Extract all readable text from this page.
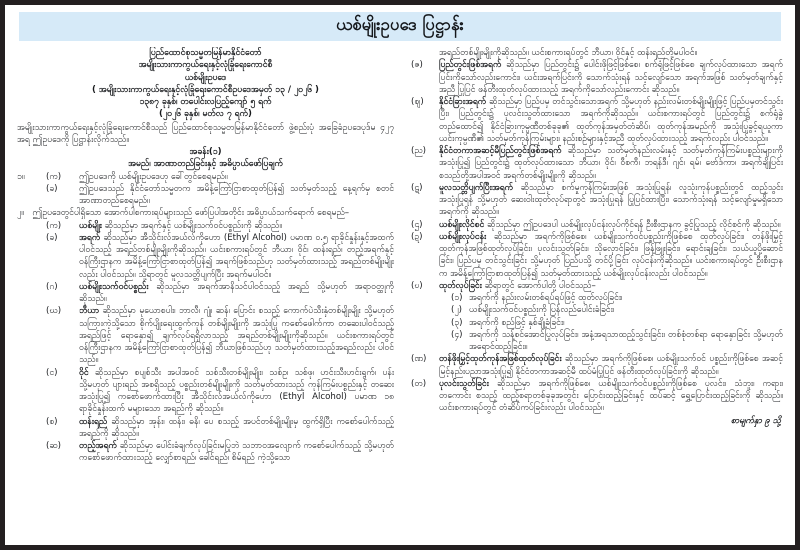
ယစ်မျိုးဥပဒေ ပြဋ္ဌာန်း
ပြည်ထောင်စုသမ္မတမြန်မာနိုင်ငံတော်
အမျိုးသားကာကွယ်ရေးနှင့်လုံခြုံရေးကောင်စီ
ယစ်မျိုးဥပဒေ
( အမျိုးသားကာကွယ်ရေးနှင့်လုံခြုံရေးကောင်စီဥပဒေအမှတ် ၁၃ / ၂၀၂၆ )
၁၃၈၇ ခုနှစ်၊ တပေါင်းလပြည့်ကျော် ၅ ရက်
(၂၀၂၆ ခုနှစ်၊ မတ်လ ၇ ရက်)

အမျိုးသားကာကွယ်ရေးနှင့်လုံခြုံရေးကောင်စီသည် ပြည်ထောင်စုသမ္မတမြန်မာနိုင်ငံတော် ဖွဲ့စည်းပုံ အခြေခံဥပဒေပုဒ်မ ၄၂၇ အရ ဤဥပဒေကို ပြဋ္ဌာန်းလိုက်သည်။

အခန်း(၁)
အမည်၊ အာဏာတည်ခြင်းနှင့် အဓိပ္ပာယ်ဖော်ပြချက်
၁။	(က)	ဤဥပဒေကို ယစ်မျိုးဥပဒေဟု ခေါ်တွင်စေရမည်။
(ခ)	ဤဥပဒေသည် နိုင်ငံတော်သမ္မတက အမိန့်ကြော်ငြာစာထုတ်ပြန်၍ သတ်မှတ်သည့် နေ့ရက်မှ စတင်အာဏာတည်စေရမည်။

၂။  ဤဥပဒေတွင်ပါရှိသော အောက်ပါစကားရပ်များသည် ဖော်ပြပါအတိုင်း အဓိပ္ပာယ်သက်ရောက် စေရမည်–

(က)	ယစ်မျိုး ဆိုသည်မှာ အရက်နှင့် ယစ်မျိုးသက်ဝင်ပစ္စည်းကို ဆိုသည်။
(ခ)	အရက် ဆိုသည်မှာ အီသိုင်းလ်အယ်လ်ကိုဟော (Ethyl Alcohol) ပမာဏ ၀.၅ ရာခိုင်နှုန်းနှင့်အထက် ပါဝင်သည့် အရည်တစ်မျိုးမျိုးကိုဆိုသည်။ ယင်းစကားရပ်တွင် ဘီယာ၊ ဝိုင်၊ ထန်းရည်၊ တည့်အရက်နှင့် ဝန်ကြီးဌာနက အမိန့်ကြော်ငြာစာထုတ်ပြန်၍ အရက်ဖြစ်သည်ဟု သတ်မှတ်ထားသည့် အရည်တစ်မျိုးမျိုးလည်း ပါဝင်သည်။ သို့ရာတွင် မူလသတ္တိပျက်ပြီး အရက်မပါဝင်။
(ဂ)	ယစ်မျိုးသက်ဝင်ပစ္စည်း ဆိုသည်မှာ အရက်အာနိသင်ပါဝင်သည့် အရည် သို့မဟုတ် အရာဝတ္ထုကို ဆိုသည်။
(ဃ)	ဘီယာ ဆိုသည်မှာ မုယောစပါး၊ ဘာလီ၊ ဂျုံ၊ ဆန်၊ ပြောင်း စသည့် ကောက်ပဲသီးနှံတစ်မျိုးမျိုး သို့မဟုတ် သကြားကဲ့သို့သော စိုက်ပျိုးရေးထွက်ကုန် တစ်မျိုးမျိုးကို အသုံးပြု ကစော်ဖေါက်ကာ တဆေးပါဝင်သည့် အရည်ဖြင့် ရောနှော၍ ချက်လုပ်ရရှိလာသည့် အရည်တစ်မျိုးမျိုးကိုဆိုသည်။ ယင်းစကားရပ်တွင် ဝန်ကြီးဌာနက အမိန့်ကြော်ငြာစာထုတ်ပြန်၍ ဘီယာဖြစ်သည်ဟု သတ်မှတ်ထားသည့်အရည်လည်း ပါဝင်သည်။
(င)	ဝိုင် ဆိုသည်မှာ စပျစ်သီး အပါအဝင် သစ်သီးတစ်မျိုးမျိုး၊ သစ်ဥ၊ သစ်ဖု၊ ဟင်းသီးဟင်းရွက်၊ ပန်း သို့မဟုတ် ပျားရည် အစရှိသည့် ပစ္စည်းတစ်မျိုးမျိုးကို သတ်မှတ်ထားသည့် ကုန်ကြမ်းပစ္စည်းနှင့် တဆေးအသုံးပြု၍ ကစော်ဖောက်ထားပြီး အီသိုင်းလ်အယ်လ်ကိုဟော (Ethyl Alcohol) ပမာဏ ၁၈ ရာခိုင်နှုန်းထက် မများသော အရည်ကို ဆိုသည်။
(စ)	ထန်းရည် ဆိုသည်မှာ အုန်း၊ ထန်း၊ ဓနိ၊ ပေ စသည့် အပင်တစ်မျိုးမျိုးမှ ထွက်ရှိပြီး ကစော်ပေါက်သည့် အရည်ကို ဆိုသည်။
(ဆ)	တည့်အရက် ဆိုသည်မှာ ပေါင်းခံချက်လုပ်ခြင်းမပြုဘဲ သဘာဝအလျောက် ကစော်ပေါက်သည့် သို့မဟုတ် ကစော်ဖောက်ထားသည့် လျှော်စာရည်၊ ခေါင်ရည်၊ စိမ်ရည် ကဲ့သို့သော

အရည်တစ်မျိုးမျိုးကိုဆိုသည်။ ယင်းစကားရပ်တွင် ဘီယာ၊ ဝိုင်နှင့် ထန်းရည်တို့မပါဝင်။

(ဇ)	ပြည်တွင်းဖြစ်အရက် ဆိုသည်မှာ ပြည်တွင်း၌ ပေါင်းဖိုဖြင့်ဖြစ်စေ၊ စက်ရုံဖြင့်ဖြစ်စေ ချက်လုပ်ထားသော အရက်ပြင်းကိုသော်လည်းကောင်း၊ ယင်းအရက်ပြင်းကို သောက်သုံးရန် သင့်လျော်သော အရက်အဖြစ် သတ်မှတ်ချက်နှင့်အညီ ပြုပြင် ဖန်တီးထုတ်လုပ်ထားသည့် အရက်ကိုသော်လည်းကောင်း ဆိုသည်။
(ဈ)	နိုင်ငံခြားအရက် ဆိုသည်မှာ ပြည်ပမှ တင်သွင်းသောအရက် သို့မဟုတ် နည်းလမ်းတစ်မျိုးမျိုးဖြင့် ပြည်ပမှတင်သွင်းပြီး၊ ပြည်တွင်း၌ ပုလင်းသွတ်ထားသော အရက်ကိုဆိုသည်။ ယင်းစကားရပ်တွင် ပြည်တွင်း၌ စက်ရုံခွဲတည်ထောင်၍ နိုင်ငံခြားကုမ္ပဏီတစ်ခုခု၏ ထုတ်ကုန်အမှတ်တံဆိပ်၊ ထုတ်ကုန်အမည်ကို အသုံးပြုခွင့်ရယူကာ ယင်းကုမ္ပဏီ၏ သတ်မှတ်ကုန်ကြမ်းများ၊ နည်းစဉ်များနှင့်အညီ ထုတ်လုပ်ထားသည့် အရက်လည်း ပါဝင်သည်။
(ည)	နိုင်ငံတကာအဆင့်မီပြည်တွင်းဖြစ်အရက် ဆိုသည်မှာ သတ်မှတ်နည်းလမ်းနှင့် သတ်မှတ်ကုန်ကြမ်းပစ္စည်းများကို အသုံးပြု၍ ပြည်တွင်း၌ ထုတ်လုပ်ထားသော ဘီယာ၊ ဝိုင်၊ ဝီစကီ၊ ဘရန်ဒီ၊ ဂျင်၊ ရမ်၊ ဗော်ဒ်ကာ၊ အရက်ချိုပြင်း စသည်တို့အပါအဝင် အရက်တစ်မျိုးမျိုးကို ဆိုသည်။
(ဋ)	မူလသတ္တိပျက်ပြီးအရက် ဆိုသည်မှာ စက်မှုကုန်ကြမ်းအဖြစ် အသုံးပြုရန်၊ လူသုံးကုန်ပစ္စည်းတွင် ထည့်သွင်းအသုံးပြုရန် သို့မဟုတ် ဆေးဝါးထုတ်လုပ်ရာတွင် အသုံးပြုရန် ပြုပြင်ထားပြီး၊ သောက်သုံးရန် သင့်လျော်မှုမရှိသောအရက်ကို ဆိုသည်။
(ဌ)	ယစ်မျိုးလိုင်စင် ဆိုသည်မှာ ဤဥပဒေပါ ယစ်မျိုးလုပ်ငန်းလုပ်ကိုင်ရန် ဦးစီးဌာနက ခွင့်ပြုသည့် လိုင်စင်ကို ဆိုသည်။
(ဍ)	ယစ်မျိုးလုပ်ငန်း ဆိုသည်မှာ အရက်ကိုဖြစ်စေ၊ ယစ်မျိုးသက်ဝင်ပစ္စည်းကိုဖြစ်စေ ထုတ်လုပ်ခြင်း၊ တန်ဖိုးမြှင့်ထုတ်ကုန်အဖြစ်ထုတ်လုပ်ခြင်း၊ ပုလင်းသွတ်ခြင်း၊ သိုလှောင်ခြင်း၊ ဖြန့်ဖြူးခြင်း၊ ရောင်းချခြင်း၊ သယ်ယူပို့ဆောင်ခြင်း၊ ပြည်ပမှ တင်သွင်းခြင်း သို့မဟုတ် ပြည်ပသို့ တင်ပို့ခြင်း လုပ်ငန်းကိုဆိုသည်။ ယင်းစကားရပ်တွင် ဦးစီးဌာနက အမိန့်ကြော်ငြာစာထုတ်ပြန်၍ သတ်မှတ်ထားသည့် ယစ်မျိုးလုပ်ငန်းလည်း ပါဝင်သည်။
(ဎ)	ထုတ်လုပ်ခြင်း ဆိုရာတွင် အောက်ပါတို့ ပါဝင်သည်–
(၁) အရက်ကို နည်းလမ်းတစ်ရပ်ရပ်ဖြင့် ထုတ်လုပ်ခြင်း၊
(၂) ယစ်မျိုးသက်ဝင်ပစ္စည်းကို ပြန်လည်ပေါင်းခံခြင်း၊
(၃) အရက်ကို စည်ဖြင့် နှစ်ချို့ခံခြင်း၊
(၄) အရက်ကို သန့်စင်အောင်ပြုလုပ်ခြင်း၊ အနံ့အရသာထည့်သွင်းခြင်း၊ တစ်စုံတစ်ရာ ရောနှောခြင်း သို့မဟုတ် အရောင်ထည့်ခြင်း။
(ဏ)	တန်ဖိုးမြှင့်ထုတ်ကုန်အဖြစ်ထုတ်လုပ်ခြင်း ဆိုသည်မှာ အရက်ကိုဖြစ်စေ၊ ယစ်မျိုးသက်ဝင် ပစ္စည်းကိုဖြစ်စေ အဆင့်မြင့်နည်းပညာအသုံးပြု၍ နိုင်ငံတကာအဆင့်မီ ထပ်မံပြုပြင် ဖန်တီးထုတ်လုပ်ခြင်းကို ဆိုသည်။
(တ)	ပုလင်းသွတ်ခြင်း ဆိုသည်မှာ အရက်ကိုဖြစ်စေ၊ ယစ်မျိုးသက်ဝင်ပစ္စည်းကိုဖြစ်စေ ပုလင်း၊ သံဘူး၊ ကရား၊ တကောင်း စသည့် ထည့်စရာတစ်ခုခုအတွင်း ပြောင်းထည့်ခြင်းနှင့် ထပ်ဆင့် ရွှေ့ပြောင်းထည့်ခြင်းကို ဆိုသည်။ ယင်းစကားရပ်တွင် တံဆိပ်ကပ်ခြင်းလည်း ပါဝင်သည်။
စာမျက်နှာ ၉ သို့
